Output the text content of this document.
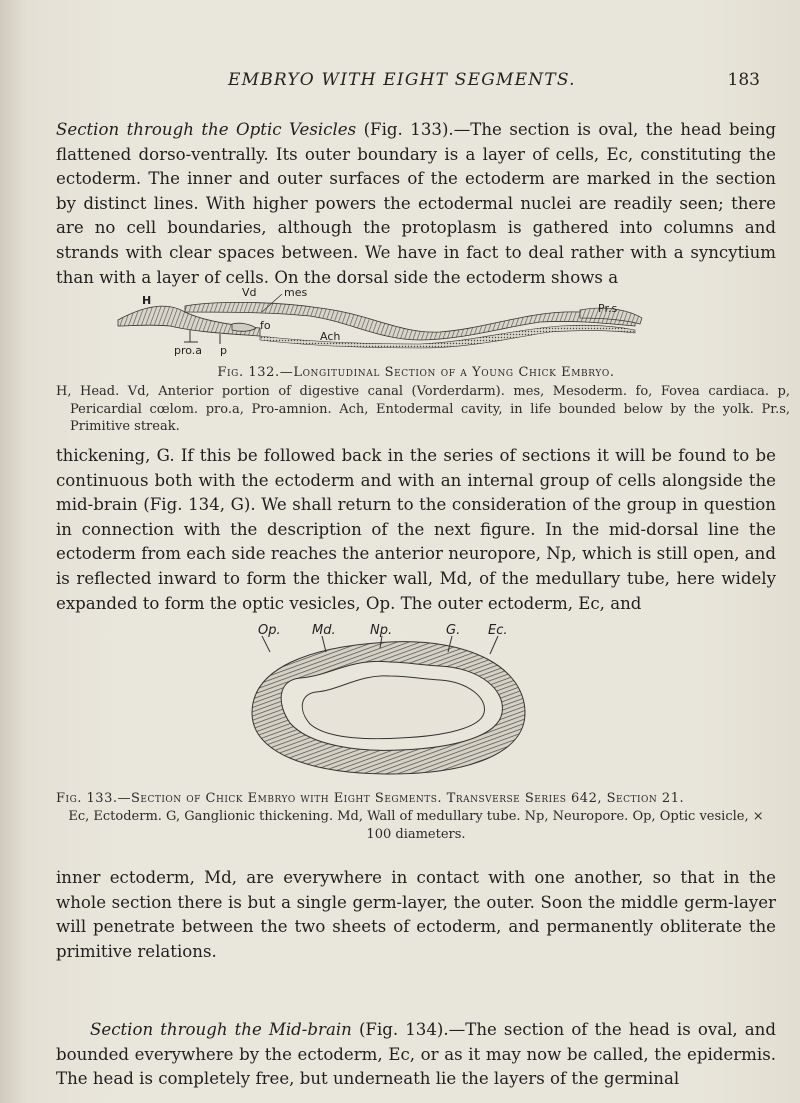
EMBRYO WITH EIGHT SEGMENTS.	183

Section through the Optic Vesicles (Fig. 133).—The section is oval, the head being flattened dorso-ventrally. Its outer boundary is a layer of cells, Ec, constituting the ectoderm. The inner and outer surfaces of the ectoderm are marked in the section by distinct lines. With higher powers the ectodermal nuclei are readily seen; there are no cell boundaries, although the protoplasm is gathered into columns and strands with clear spaces between. We have in fact to deal rather with a syncytium than with a layer of cells. On the dorsal side the ectoderm shows a

H
Vd mes
fo
Ach
pro.a p
Pr.s

Fig. 132.—Longitudinal Section of a Young Chick Embryo.

H, Head. Vd, Anterior portion of digestive canal (Vorderdarm). mes, Mesoderm. fo, Fovea cardiaca. p, Pericardial cœlom. pro.a, Pro-amnion. Ach, Entodermal cavity, in life bounded below by the yolk. Pr.s, Primitive streak.

thickening, G. If this be followed back in the series of sections it will be found to be continuous both with the ectoderm and with an internal group of cells alongside the mid-brain (Fig. 134, G). We shall return to the consideration of the group in question in connection with the description of the next figure. In the mid-dorsal line the ectoderm from each side reaches the anterior neuropore, Np, which is still open, and is reflected inward to form the thicker wall, Md, of the medullary tube, here widely expanded to form the optic vesicles, Op. The outer ectoderm, Ec, and

Op. Md.	Np.	G. Ec.

Fig. 133.—Section of Chick Embryo with Eight Segments. Transverse Series 642, Section 21.

Ec, Ectoderm. G, Ganglionic thickening. Md, Wall of medullary tube. Np, Neuropore. Op, Optic vesicle, × 100 diameters.

inner ectoderm, Md, are everywhere in contact with one another, so that in the whole section there is but a single germ-layer, the outer. Soon the middle germ-layer will penetrate between the two sheets of ectoderm, and permanently obliterate the primitive relations.

Section through the Mid-brain (Fig. 134).—The section of the head is oval, and bounded everywhere by the ectoderm, Ec, or as it may now be called, the epidermis. The head is completely free, but underneath lie the layers of the germinal
